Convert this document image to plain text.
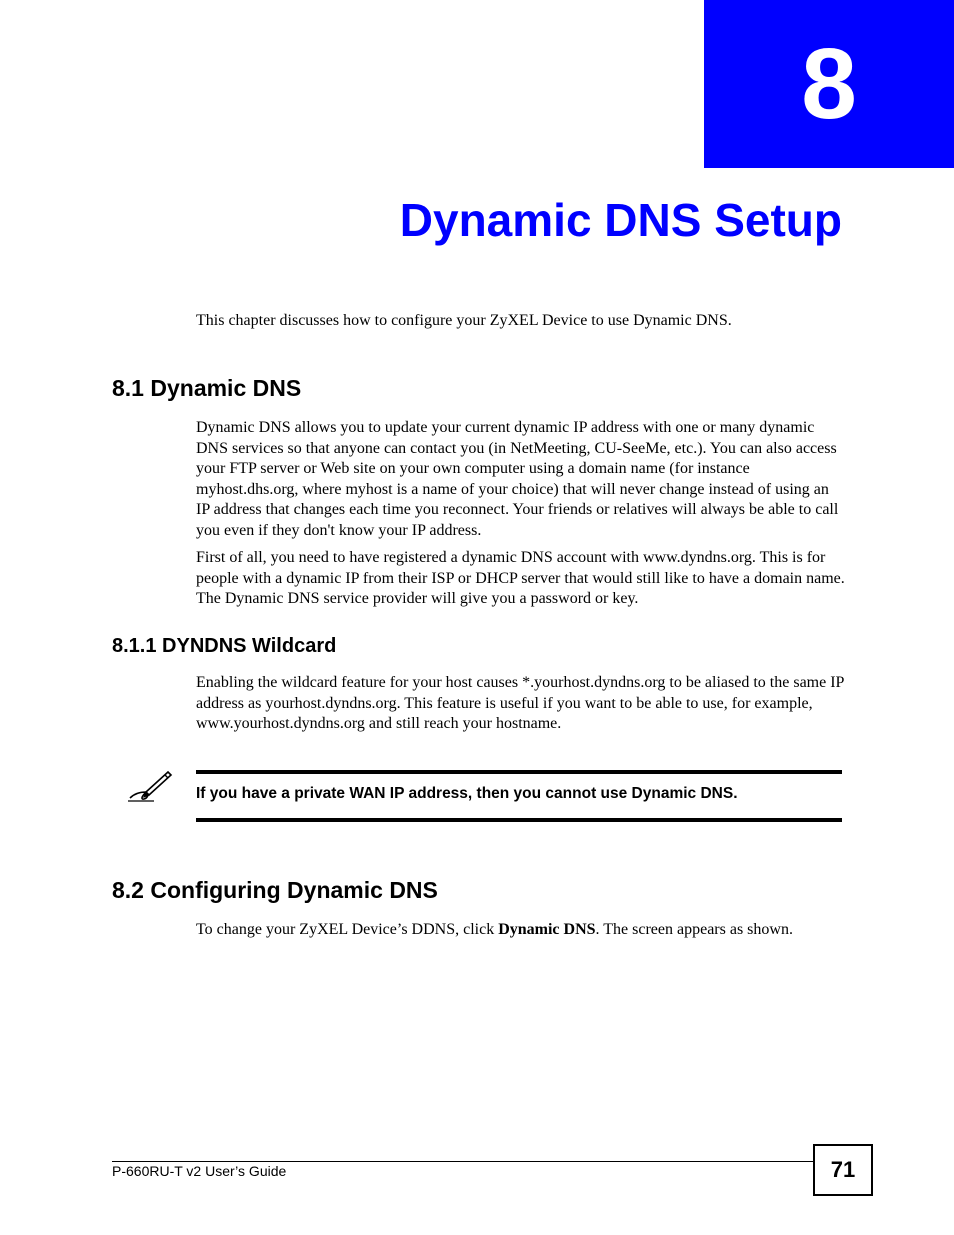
8
Dynamic DNS Setup

This chapter discusses how to configure your ZyXEL Device to use Dynamic DNS.

8.1 Dynamic DNS

Dynamic DNS allows you to update your current dynamic IP address with one or many dynamic DNS services so that anyone can contact you (in NetMeeting, CU-SeeMe, etc.). You can also access your FTP server or Web site on your own computer using a domain name (for instance myhost.dhs.org, where myhost is a name of your choice) that will never change instead of using an IP address that changes each time you reconnect. Your friends or relatives will always be able to call you even if they don't know your IP address.

First of all, you need to have registered a dynamic DNS account with www.dyndns.org. This is for people with a dynamic IP from their ISP or DHCP server that would still like to have a domain name. The Dynamic DNS service provider will give you a password or key.

8.1.1 DYNDNS Wildcard

Enabling the wildcard feature for your host causes *.yourhost.dyndns.org to be aliased to the same IP address as yourhost.dyndns.org. This feature is useful if you want to be able to use, for example, www.yourhost.dyndns.org and still reach your hostname.

If you have a private WAN IP address, then you cannot use Dynamic DNS.

8.2 Configuring Dynamic DNS

To change your ZyXEL Device’s DDNS, click Dynamic DNS. The screen appears as shown.

P-660RU-T v2 User’s Guide	71
